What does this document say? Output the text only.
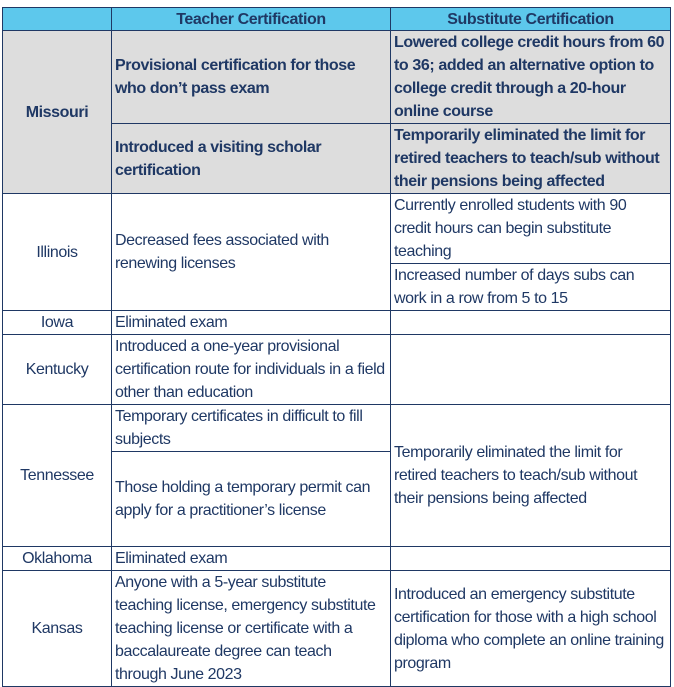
	Teacher Certification	Substitute Certification
Missouri	Provisional certification for those who don’t pass exam	Lowered college credit hours from 60 to 36; added an alternative option to college credit through a 20-hour online course
	Introduced a visiting scholar certification	Temporarily eliminated the limit for retired teachers to teach/sub without their pensions being affected
Illinois	Decreased fees associated with renewing licenses	Currently enrolled students with 90 credit hours can begin substitute teaching
		Increased number of days subs can work in a row from 5 to 15
Iowa	Eliminated exam	
Kentucky	Introduced a one-year provisional certification route for individuals in a field other than education	
Tennessee	Temporary certificates in difficult to fill subjects	Temporarily eliminated the limit for retired teachers to teach/sub without their pensions being affected
	Those holding a temporary permit can apply for a practitioner’s license	
Oklahoma	Eliminated exam	
Kansas	Anyone with a 5-year substitute teaching license, emergency substitute teaching license or certificate with a baccalaureate degree can teach through June 2023	Introduced an emergency substitute certification for those with a high school diploma who complete an online training program
